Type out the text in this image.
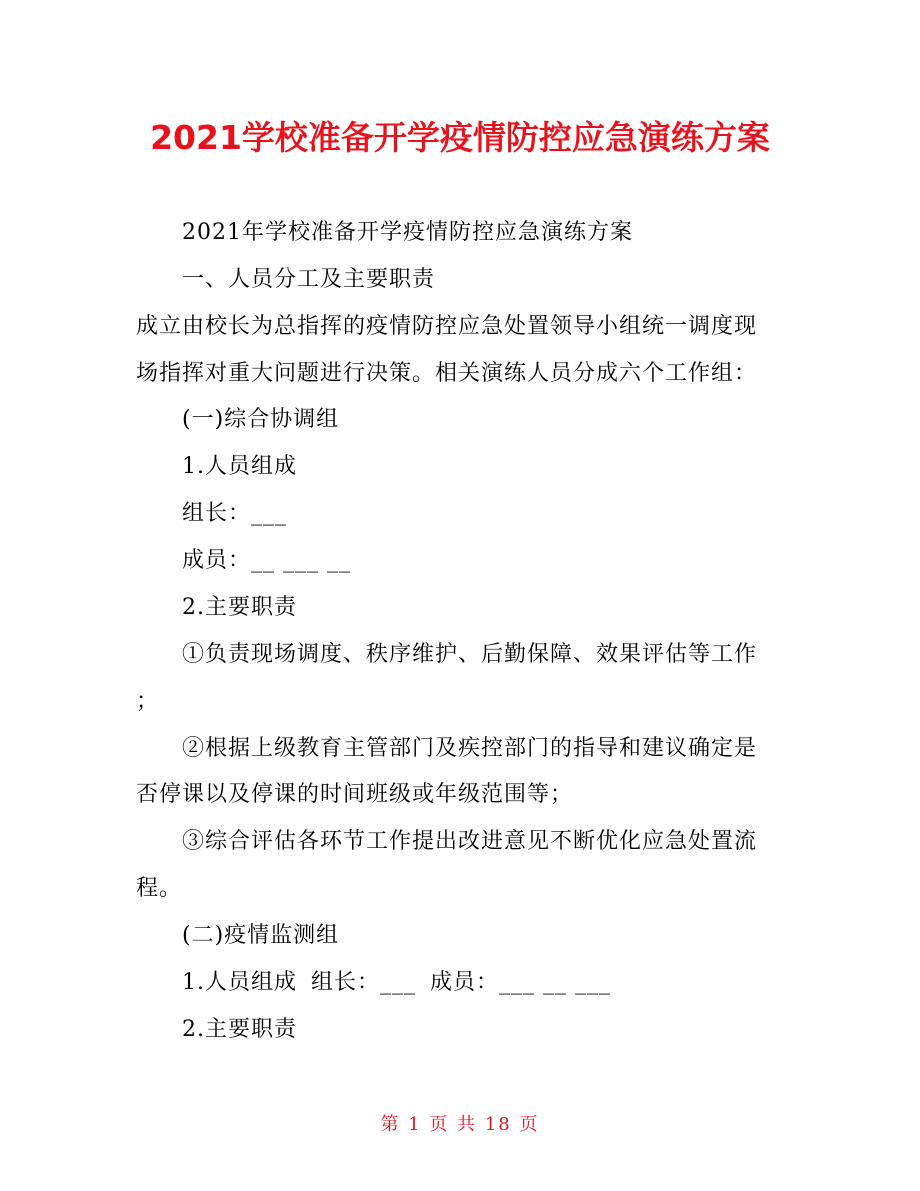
2021学校准备开学疫情防控应急演练方案

2021年学校准备开学疫情防控应急演练方案

一、人员分工及主要职责

成立由校长为总指挥的疫情防控应急处置领导小组统一调度现

场指挥对重大问题进行决策。相关演练人员分成六个工作组：

(一)综合协调组

1.人员组成

组长：___

成员：__ ___ __

2.主要职责

①负责现场调度、秩序维护、后勤保障、效果评估等工作

；

②根据上级教育主管部门及疾控部门的指导和建议确定是

否停课以及停课的时间班级或年级范围等；

③综合评估各环节工作提出改进意见不断优化应急处置流

程。

(二)疫情监测组

1.人员组成 组长：___ 成员：___ __ ___

2.主要职责

第 1 页 共 18 页
